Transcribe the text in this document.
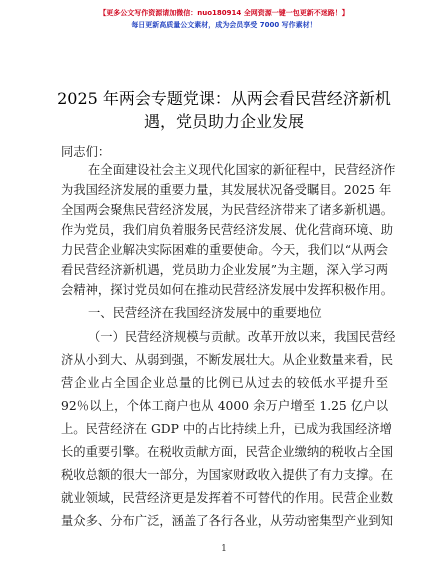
【更多公文写作资源请加微信：nuo180914 全网资源一键一包更新不迷路！】
每日更新高质量公文素材，成为会员享受 7000 写作素材！
2025 年两会专题党课：从两会看民营经济新机
遇，党员助力企业发展
同志们：
在全面建设社会主义现代化国家的新征程中，民营经济作
为我国经济发展的重要力量，其发展状况备受瞩目。2025 年
全国两会聚焦民营经济发展，为民营经济带来了诸多新机遇。
作为党员，我们肩负着服务民营经济发展、优化营商环境、助
力民营企业解决实际困难的重要使命。今天，我们以“从两会
看民营经济新机遇，党员助力企业发展”为主题，深入学习两
会精神，探讨党员如何在推动民营经济发展中发挥积极作用。
一、民营经济在我国经济发展中的重要地位
（一）民营经济规模与贡献。改革开放以来，我国民营经
济从小到大、从弱到强，不断发展壮大。从企业数量来看，民
营企业占全国企业总量的比例已从过去的较低水平提升至
92％以上，个体工商户也从 4000 余万户增至 1.25 亿户以
上。民营经济在 GDP 中的占比持续上升，已成为我国经济增
长的重要引擎。在税收贡献方面，民营企业缴纳的税收占全国
税收总额的很大一部分，为国家财政收入提供了有力支撑。在
就业领域，民营经济更是发挥着不可替代的作用。民营企业数
量众多、分布广泛，涵盖了各行各业，从劳动密集型产业到知
1
